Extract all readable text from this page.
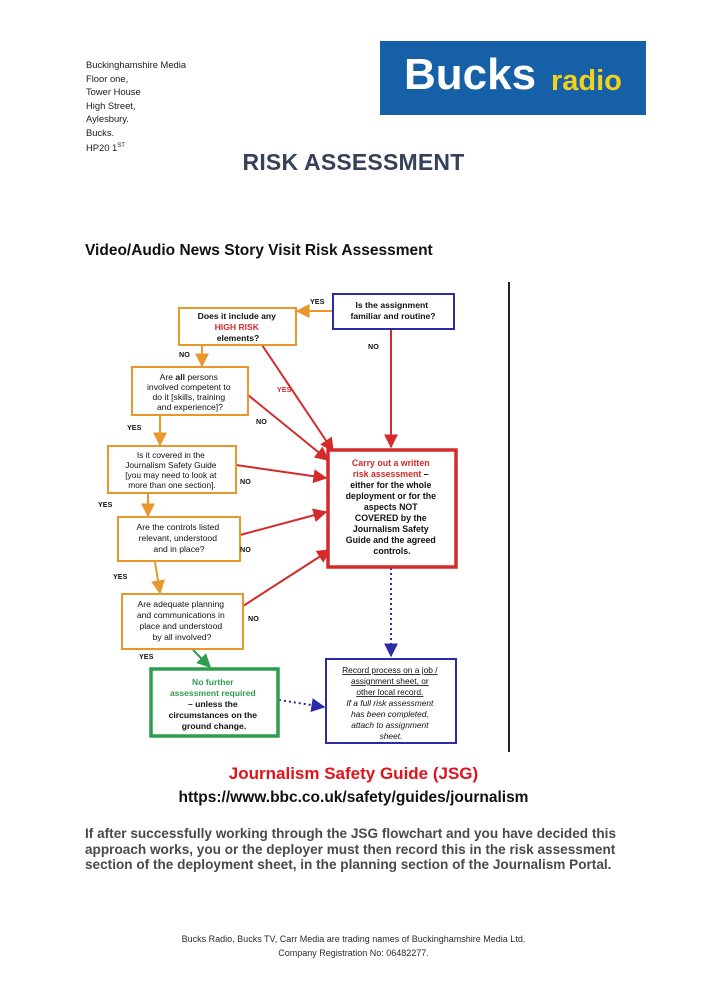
Buckinghamshire Media
Floor one,
Tower House
High Street,
Aylesbury.
Bucks.
HP20 1ST
Bucks radio
RISK ASSESSMENT
Video/Audio News Story Visit Risk Assessment
Is the assignment familiar and routine?
Does it include any HIGH RISK elements?
Are all persons involved competent to do it [skills, training and experience]?
Is it covered in the Journalism Safety Guide [you may need to look at more than one section].
Are the controls listed relevant, understood and in place?
Are adequate planning and communications in place and understood by all involved?
Carry out a written risk assessment – either for the whole deployment or for the aspects NOT COVERED by the Journalism Safety Guide and the agreed controls.
No further assessment required – unless the circumstances on the ground change.
Record process on a job / assignment sheet, or other local record. If a full risk assessment has been completed, attach to assignment sheet.
YES
NO
NO
YES
NO
YES
NO
YES
NO
YES
NO
YES
Journalism Safety Guide (JSG)
https://www.bbc.co.uk/safety/guides/journalism
If after successfully working through the JSG flowchart and you have decided this approach works, you or the deployer must then record this in the risk assessment section of the deployment sheet, in the planning section of the Journalism Portal.
Bucks Radio, Bucks TV, Carr Media are trading names of Buckinghamshire Media Ltd.
Company Registration No: 06482277.
